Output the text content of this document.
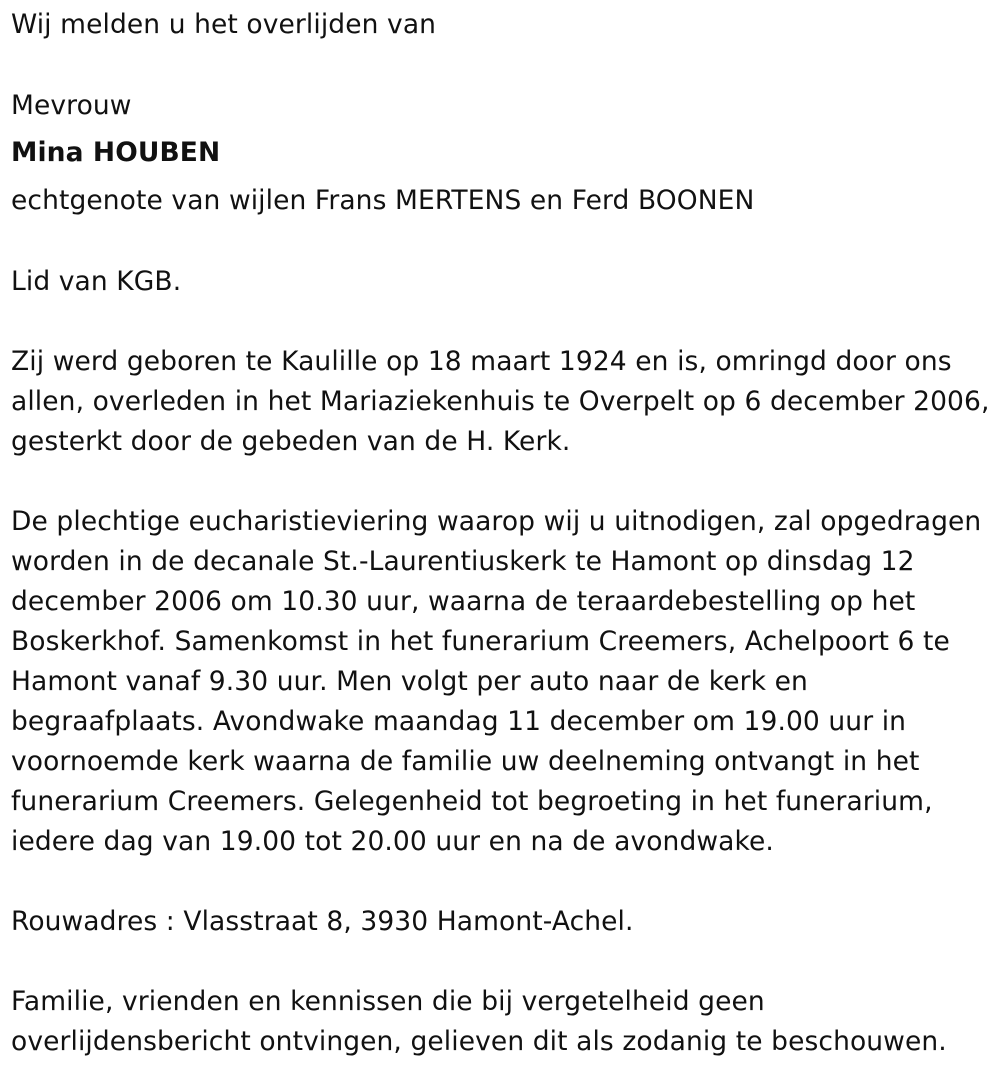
Wij melden u het overlijden van
Mevrouw
Mina HOUBEN
echtgenote van wijlen Frans MERTENS en Ferd BOONEN
Lid van KGB.
Zij werd geboren te Kaulille op 18 maart 1924 en is, omringd door ons
allen, overleden in het Mariaziekenhuis te Overpelt op 6 december 2006,
gesterkt door de gebeden van de H. Kerk.
De plechtige eucharistieviering waarop wij u uitnodigen, zal opgedragen
worden in de decanale St.-Laurentiuskerk te Hamont op dinsdag 12
december 2006 om 10.30 uur, waarna de teraardebestelling op het
Boskerkhof. Samenkomst in het funerarium Creemers, Achelpoort 6 te
Hamont vanaf 9.30 uur. Men volgt per auto naar de kerk en
begraafplaats. Avondwake maandag 11 december om 19.00 uur in
voornoemde kerk waarna de familie uw deelneming ontvangt in het
funerarium Creemers. Gelegenheid tot begroeting in het funerarium,
iedere dag van 19.00 tot 20.00 uur en na de avondwake.
Rouwadres : Vlasstraat 8, 3930 Hamont-Achel.
Familie, vrienden en kennissen die bij vergetelheid geen
overlijdensbericht ontvingen, gelieven dit als zodanig te beschouwen.
